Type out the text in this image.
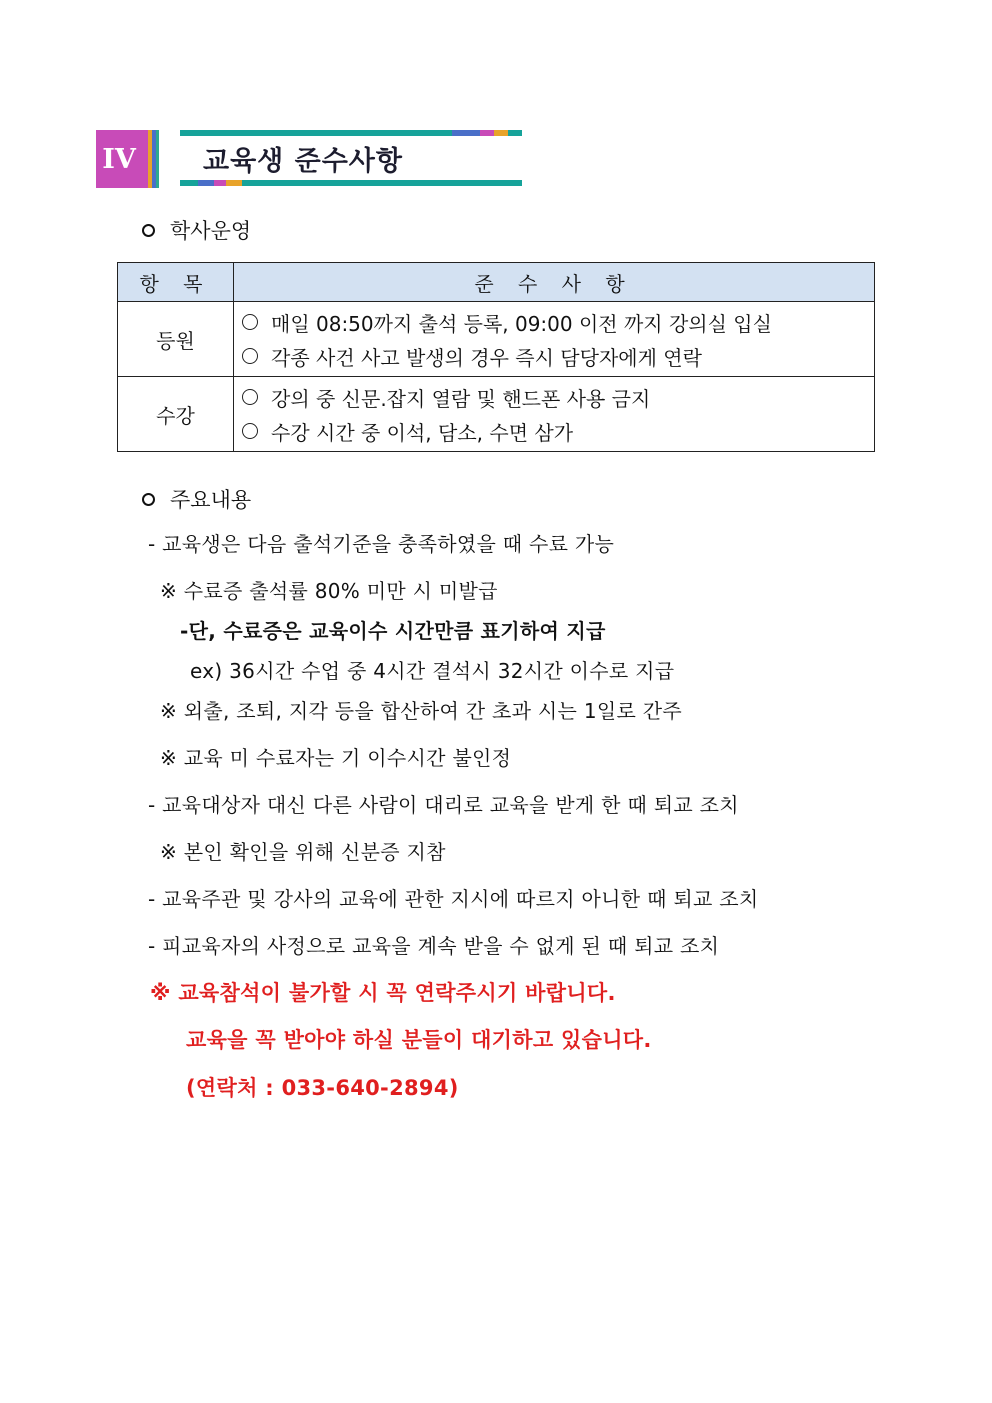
IV	교육생 준수사항
학사운영
항 목	준 수 사 항
등원	매일 08:50까지 출석 등록, 09:00 이전 까지 강의실 입실
각종 사건 사고 발생의 경우 즉시 담당자에게 연락

수강	강의 중 신문.잡지 열람 및 핸드폰 사용 금지
수강 시간 중 이석, 담소, 수면 삼가
주요내용
- 교육생은 다음 출석기준을 충족하였을 때 수료 가능
※ 수료증 출석률 80% 미만 시 미발급
-단, 수료증은 교육이수 시간만큼 표기하여 지급
ex) 36시간 수업 중 4시간 결석시 32시간 이수로 지급
※ 외출, 조퇴, 지각 등을 합산하여 간 초과 시는 1일로 간주
※ 교육 미 수료자는 기 이수시간 불인정
- 교육대상자 대신 다른 사람이 대리로 교육을 받게 한 때 퇴교 조치
※ 본인 확인을 위해 신분증 지참
- 교육주관 및 강사의 교육에 관한 지시에 따르지 아니한 때 퇴교 조치
- 피교육자의 사정으로 교육을 계속 받을 수 없게 된 때 퇴교 조치
※ 교육참석이 불가할 시 꼭 연락주시기 바랍니다.
교육을 꼭 받아야 하실 분들이 대기하고 있습니다.
(연락처 : 033-640-2894)
